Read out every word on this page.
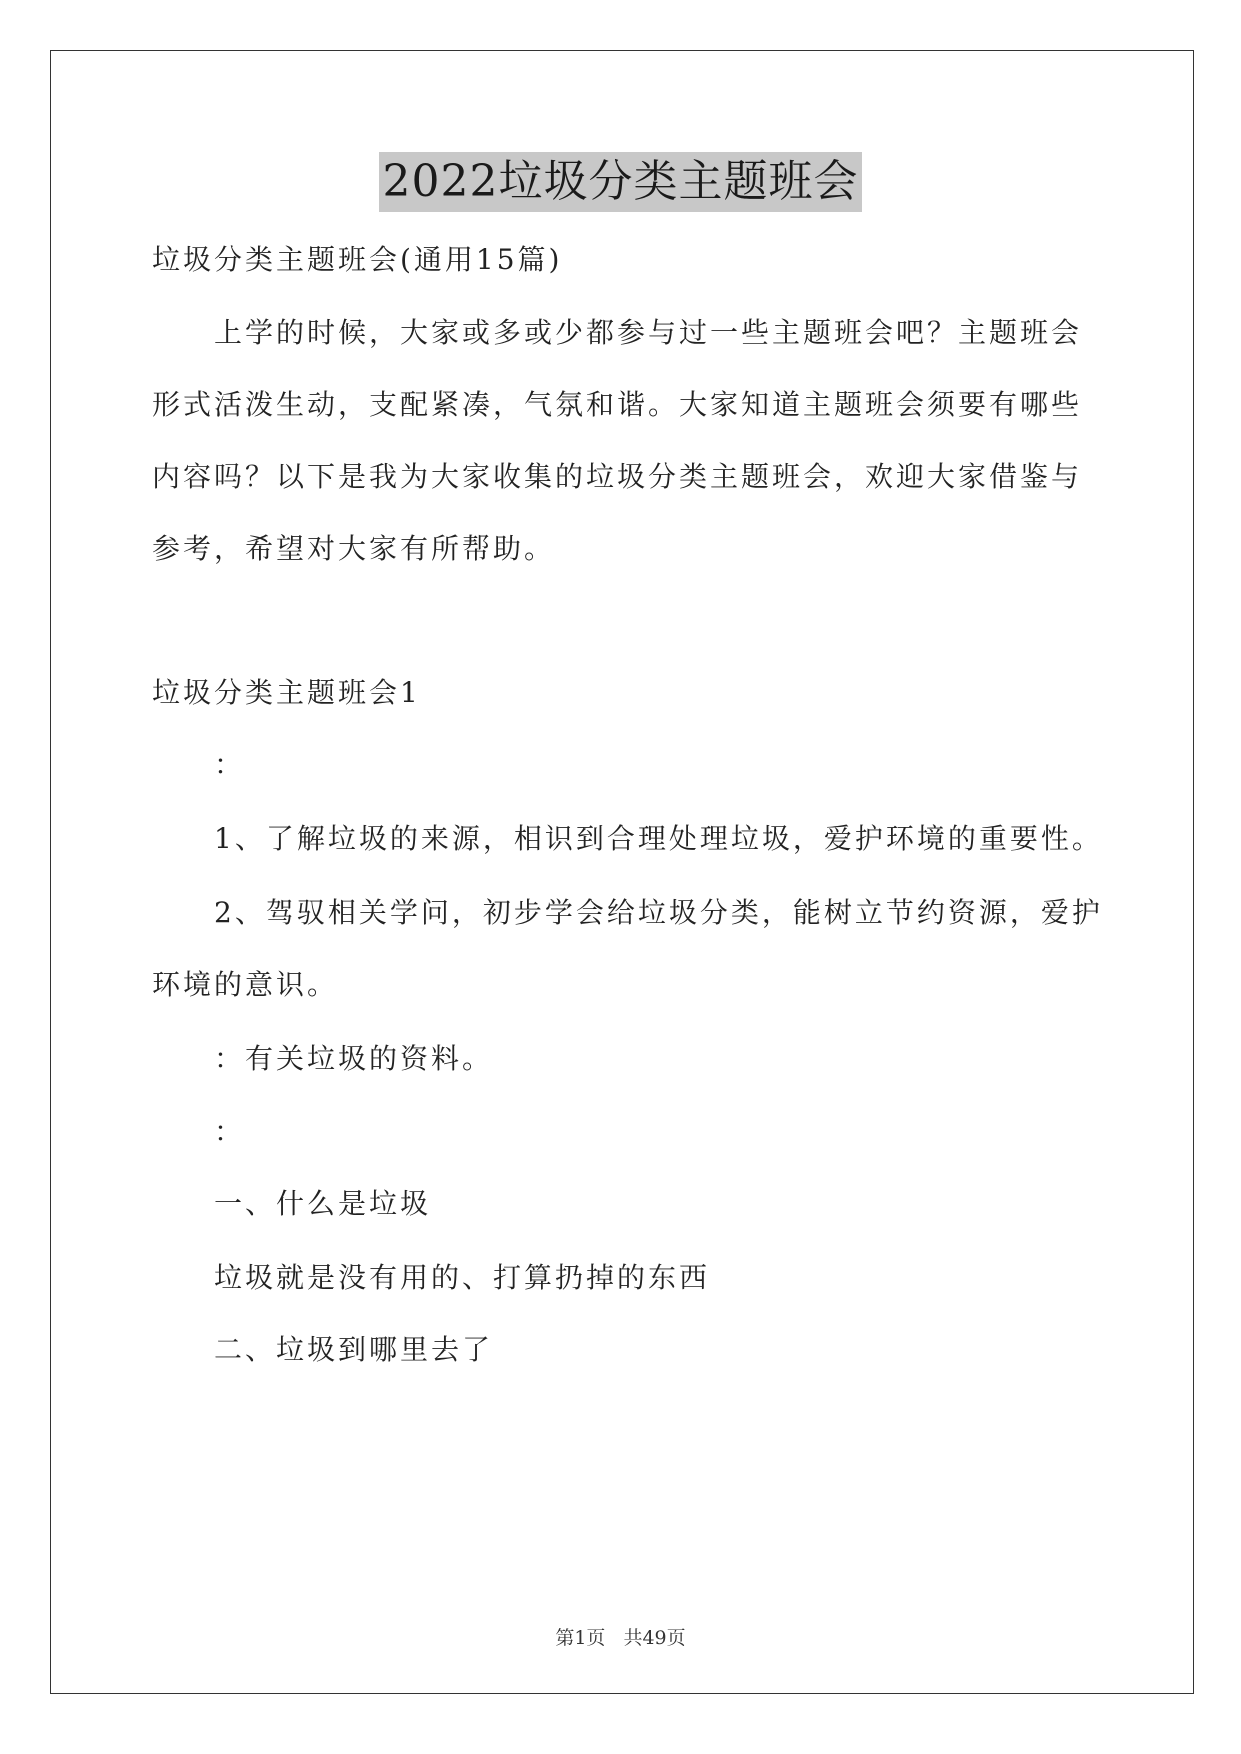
2022垃圾分类主题班会
垃圾分类主题班会(通用15篇)
上学的时候，大家或多或少都参与过一些主题班会吧？主题班会
形式活泼生动，支配紧凑，气氛和谐。大家知道主题班会须要有哪些
内容吗？以下是我为大家收集的垃圾分类主题班会，欢迎大家借鉴与
参考，希望对大家有所帮助。
垃圾分类主题班会1
：
1、了解垃圾的来源，相识到合理处理垃圾，爱护环境的重要性。
2、驾驭相关学问，初步学会给垃圾分类，能树立节约资源，爱护
环境的意识。
：有关垃圾的资料。
：
一、什么是垃圾
垃圾就是没有用的、打算扔掉的东西
二、垃圾到哪里去了
第1页 共49页
